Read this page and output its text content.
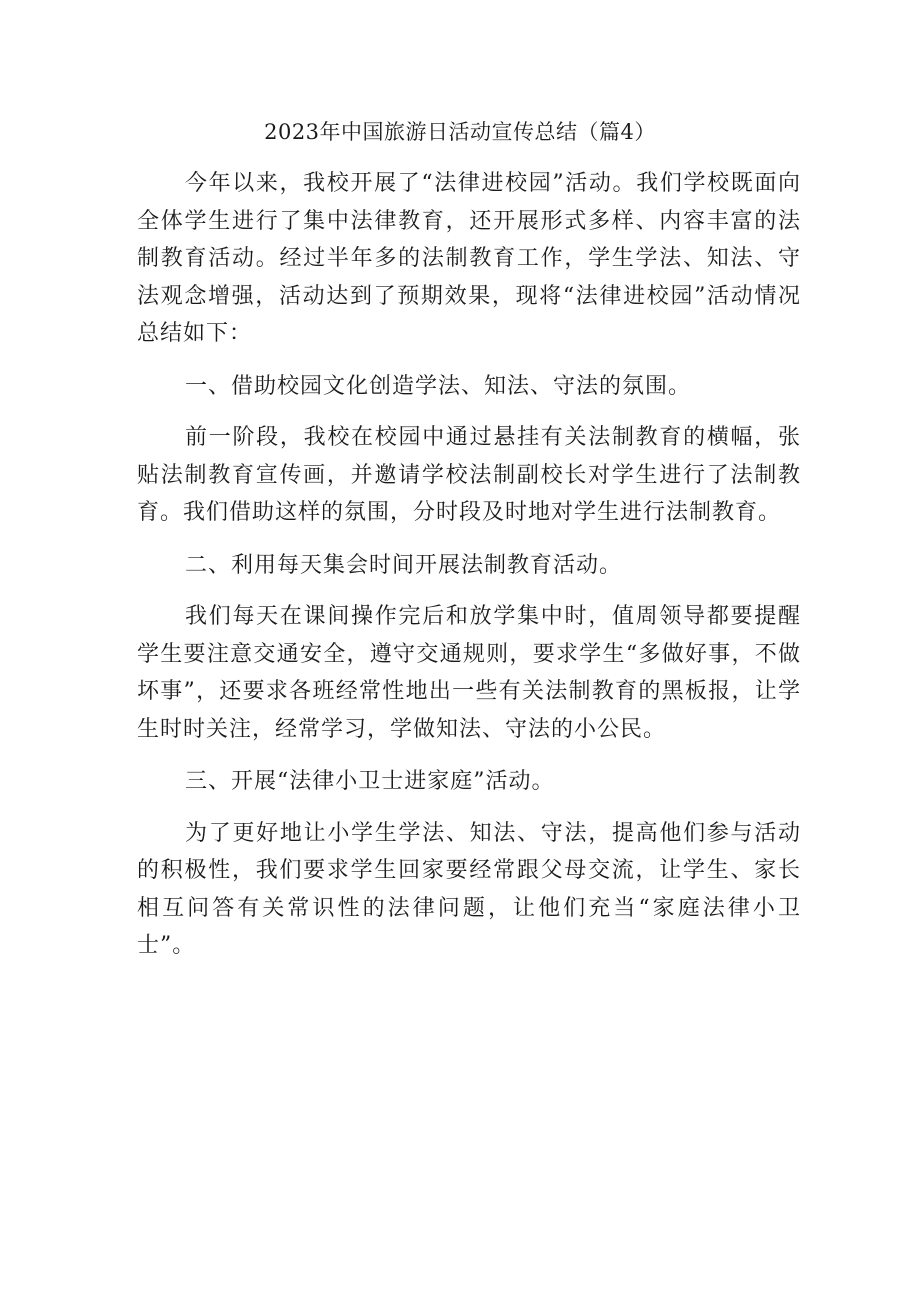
2023年中国旅游日活动宣传总结（篇4）

今年以来，我校开展了“法律进校园”活动。我们学校既面向全体学生进行了集中法律教育，还开展形式多样、内容丰富的法制教育活动。经过半年多的法制教育工作，学生学法、知法、守法观念增强，活动达到了预期效果，现将“法律进校园”活动情况总结如下：

一、借助校园文化创造学法、知法、守法的氛围。

前一阶段，我校在校园中通过悬挂有关法制教育的横幅，张贴法制教育宣传画，并邀请学校法制副校长对学生进行了法制教育。我们借助这样的氛围，分时段及时地对学生进行法制教育。

二、利用每天集会时间开展法制教育活动。

我们每天在课间操作完后和放学集中时，值周领导都要提醒学生要注意交通安全，遵守交通规则，要求学生“多做好事，不做坏事”，还要求各班经常性地出一些有关法制教育的黑板报，让学生时时关注，经常学习，学做知法、守法的小公民。

三、开展“法律小卫士进家庭”活动。

为了更好地让小学生学法、知法、守法，提高他们参与活动的积极性，我们要求学生回家要经常跟父母交流，让学生、家长相互问答有关常识性的法律问题，让他们充当“家庭法律小卫士”。
